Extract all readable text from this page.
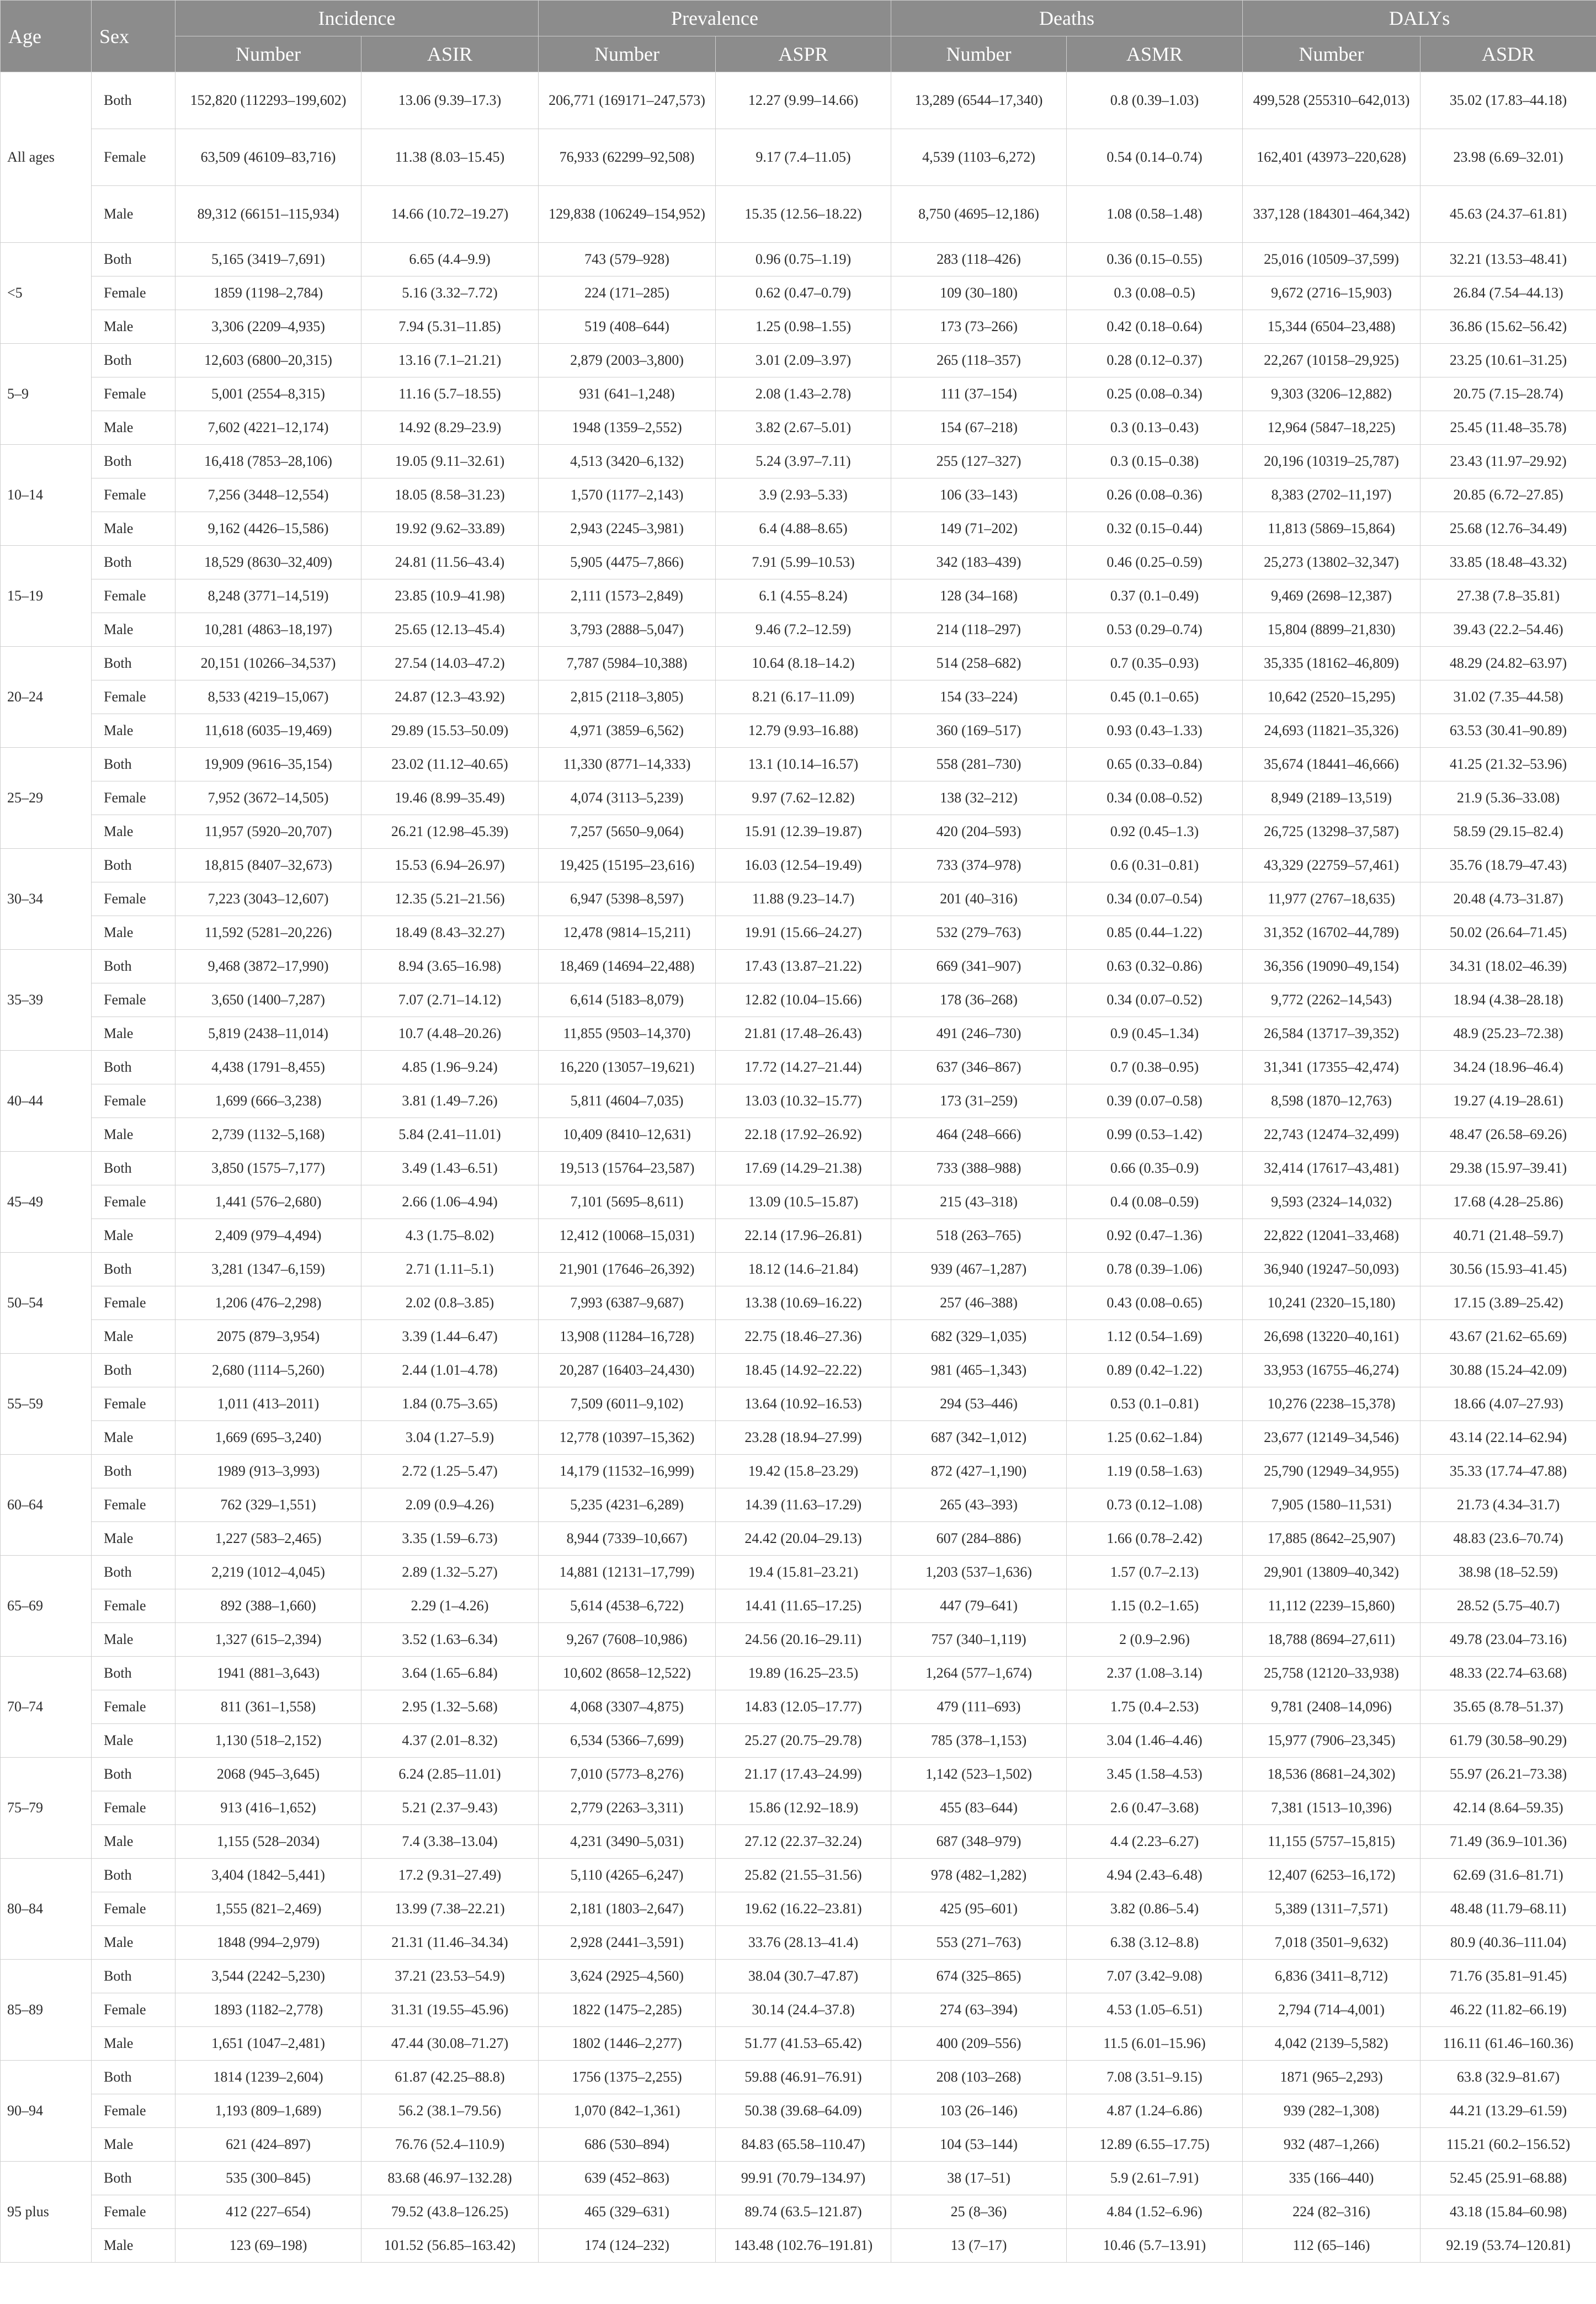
Age	Sex	Incidence		Prevalence		Deaths		DALYs	
		Number	ASIR	Number	ASPR	Number	ASMR	Number	ASDR
All ages	Both	152,820 (112293–199,602)	13.06 (9.39–17.3)	206,771 (169171–247,573)	12.27 (9.99–14.66)	13,289 (6544–17,340)	0.8 (0.39–1.03)	499,528 (255310–642,013)	35.02 (17.83–44.18)
	Female	63,509 (46109–83,716)	11.38 (8.03–15.45)	76,933 (62299–92,508)	9.17 (7.4–11.05)	4,539 (1103–6,272)	0.54 (0.14–0.74)	162,401 (43973–220,628)	23.98 (6.69–32.01)
	Male	89,312 (66151–115,934)	14.66 (10.72–19.27)	129,838 (106249–154,952)	15.35 (12.56–18.22)	8,750 (4695–12,186)	1.08 (0.58–1.48)	337,128 (184301–464,342)	45.63 (24.37–61.81)
<5	Both	5,165 (3419–7,691)	6.65 (4.4–9.9)	743 (579–928)	0.96 (0.75–1.19)	283 (118–426)	0.36 (0.15–0.55)	25,016 (10509–37,599)	32.21 (13.53–48.41)
	Female	1859 (1198–2,784)	5.16 (3.32–7.72)	224 (171–285)	0.62 (0.47–0.79)	109 (30–180)	0.3 (0.08–0.5)	9,672 (2716–15,903)	26.84 (7.54–44.13)
	Male	3,306 (2209–4,935)	7.94 (5.31–11.85)	519 (408–644)	1.25 (0.98–1.55)	173 (73–266)	0.42 (0.18–0.64)	15,344 (6504–23,488)	36.86 (15.62–56.42)
5–9	Both	12,603 (6800–20,315)	13.16 (7.1–21.21)	2,879 (2003–3,800)	3.01 (2.09–3.97)	265 (118–357)	0.28 (0.12–0.37)	22,267 (10158–29,925)	23.25 (10.61–31.25)
	Female	5,001 (2554–8,315)	11.16 (5.7–18.55)	931 (641–1,248)	2.08 (1.43–2.78)	111 (37–154)	0.25 (0.08–0.34)	9,303 (3206–12,882)	20.75 (7.15–28.74)
	Male	7,602 (4221–12,174)	14.92 (8.29–23.9)	1948 (1359–2,552)	3.82 (2.67–5.01)	154 (67–218)	0.3 (0.13–0.43)	12,964 (5847–18,225)	25.45 (11.48–35.78)
10–14	Both	16,418 (7853–28,106)	19.05 (9.11–32.61)	4,513 (3420–6,132)	5.24 (3.97–7.11)	255 (127–327)	0.3 (0.15–0.38)	20,196 (10319–25,787)	23.43 (11.97–29.92)
	Female	7,256 (3448–12,554)	18.05 (8.58–31.23)	1,570 (1177–2,143)	3.9 (2.93–5.33)	106 (33–143)	0.26 (0.08–0.36)	8,383 (2702–11,197)	20.85 (6.72–27.85)
	Male	9,162 (4426–15,586)	19.92 (9.62–33.89)	2,943 (2245–3,981)	6.4 (4.88–8.65)	149 (71–202)	0.32 (0.15–0.44)	11,813 (5869–15,864)	25.68 (12.76–34.49)
15–19	Both	18,529 (8630–32,409)	24.81 (11.56–43.4)	5,905 (4475–7,866)	7.91 (5.99–10.53)	342 (183–439)	0.46 (0.25–0.59)	25,273 (13802–32,347)	33.85 (18.48–43.32)
	Female	8,248 (3771–14,519)	23.85 (10.9–41.98)	2,111 (1573–2,849)	6.1 (4.55–8.24)	128 (34–168)	0.37 (0.1–0.49)	9,469 (2698–12,387)	27.38 (7.8–35.81)
	Male	10,281 (4863–18,197)	25.65 (12.13–45.4)	3,793 (2888–5,047)	9.46 (7.2–12.59)	214 (118–297)	0.53 (0.29–0.74)	15,804 (8899–21,830)	39.43 (22.2–54.46)
20–24	Both	20,151 (10266–34,537)	27.54 (14.03–47.2)	7,787 (5984–10,388)	10.64 (8.18–14.2)	514 (258–682)	0.7 (0.35–0.93)	35,335 (18162–46,809)	48.29 (24.82–63.97)
	Female	8,533 (4219–15,067)	24.87 (12.3–43.92)	2,815 (2118–3,805)	8.21 (6.17–11.09)	154 (33–224)	0.45 (0.1–0.65)	10,642 (2520–15,295)	31.02 (7.35–44.58)
	Male	11,618 (6035–19,469)	29.89 (15.53–50.09)	4,971 (3859–6,562)	12.79 (9.93–16.88)	360 (169–517)	0.93 (0.43–1.33)	24,693 (11821–35,326)	63.53 (30.41–90.89)
25–29	Both	19,909 (9616–35,154)	23.02 (11.12–40.65)	11,330 (8771–14,333)	13.1 (10.14–16.57)	558 (281–730)	0.65 (0.33–0.84)	35,674 (18441–46,666)	41.25 (21.32–53.96)
	Female	7,952 (3672–14,505)	19.46 (8.99–35.49)	4,074 (3113–5,239)	9.97 (7.62–12.82)	138 (32–212)	0.34 (0.08–0.52)	8,949 (2189–13,519)	21.9 (5.36–33.08)
	Male	11,957 (5920–20,707)	26.21 (12.98–45.39)	7,257 (5650–9,064)	15.91 (12.39–19.87)	420 (204–593)	0.92 (0.45–1.3)	26,725 (13298–37,587)	58.59 (29.15–82.4)
30–34	Both	18,815 (8407–32,673)	15.53 (6.94–26.97)	19,425 (15195–23,616)	16.03 (12.54–19.49)	733 (374–978)	0.6 (0.31–0.81)	43,329 (22759–57,461)	35.76 (18.79–47.43)
	Female	7,223 (3043–12,607)	12.35 (5.21–21.56)	6,947 (5398–8,597)	11.88 (9.23–14.7)	201 (40–316)	0.34 (0.07–0.54)	11,977 (2767–18,635)	20.48 (4.73–31.87)
	Male	11,592 (5281–20,226)	18.49 (8.43–32.27)	12,478 (9814–15,211)	19.91 (15.66–24.27)	532 (279–763)	0.85 (0.44–1.22)	31,352 (16702–44,789)	50.02 (26.64–71.45)
35–39	Both	9,468 (3872–17,990)	8.94 (3.65–16.98)	18,469 (14694–22,488)	17.43 (13.87–21.22)	669 (341–907)	0.63 (0.32–0.86)	36,356 (19090–49,154)	34.31 (18.02–46.39)
	Female	3,650 (1400–7,287)	7.07 (2.71–14.12)	6,614 (5183–8,079)	12.82 (10.04–15.66)	178 (36–268)	0.34 (0.07–0.52)	9,772 (2262–14,543)	18.94 (4.38–28.18)
	Male	5,819 (2438–11,014)	10.7 (4.48–20.26)	11,855 (9503–14,370)	21.81 (17.48–26.43)	491 (246–730)	0.9 (0.45–1.34)	26,584 (13717–39,352)	48.9 (25.23–72.38)
40–44	Both	4,438 (1791–8,455)	4.85 (1.96–9.24)	16,220 (13057–19,621)	17.72 (14.27–21.44)	637 (346–867)	0.7 (0.38–0.95)	31,341 (17355–42,474)	34.24 (18.96–46.4)
	Female	1,699 (666–3,238)	3.81 (1.49–7.26)	5,811 (4604–7,035)	13.03 (10.32–15.77)	173 (31–259)	0.39 (0.07–0.58)	8,598 (1870–12,763)	19.27 (4.19–28.61)
	Male	2,739 (1132–5,168)	5.84 (2.41–11.01)	10,409 (8410–12,631)	22.18 (17.92–26.92)	464 (248–666)	0.99 (0.53–1.42)	22,743 (12474–32,499)	48.47 (26.58–69.26)
45–49	Both	3,850 (1575–7,177)	3.49 (1.43–6.51)	19,513 (15764–23,587)	17.69 (14.29–21.38)	733 (388–988)	0.66 (0.35–0.9)	32,414 (17617–43,481)	29.38 (15.97–39.41)
	Female	1,441 (576–2,680)	2.66 (1.06–4.94)	7,101 (5695–8,611)	13.09 (10.5–15.87)	215 (43–318)	0.4 (0.08–0.59)	9,593 (2324–14,032)	17.68 (4.28–25.86)
	Male	2,409 (979–4,494)	4.3 (1.75–8.02)	12,412 (10068–15,031)	22.14 (17.96–26.81)	518 (263–765)	0.92 (0.47–1.36)	22,822 (12041–33,468)	40.71 (21.48–59.7)
50–54	Both	3,281 (1347–6,159)	2.71 (1.11–5.1)	21,901 (17646–26,392)	18.12 (14.6–21.84)	939 (467–1,287)	0.78 (0.39–1.06)	36,940 (19247–50,093)	30.56 (15.93–41.45)
	Female	1,206 (476–2,298)	2.02 (0.8–3.85)	7,993 (6387–9,687)	13.38 (10.69–16.22)	257 (46–388)	0.43 (0.08–0.65)	10,241 (2320–15,180)	17.15 (3.89–25.42)
	Male	2075 (879–3,954)	3.39 (1.44–6.47)	13,908 (11284–16,728)	22.75 (18.46–27.36)	682 (329–1,035)	1.12 (0.54–1.69)	26,698 (13220–40,161)	43.67 (21.62–65.69)
55–59	Both	2,680 (1114–5,260)	2.44 (1.01–4.78)	20,287 (16403–24,430)	18.45 (14.92–22.22)	981 (465–1,343)	0.89 (0.42–1.22)	33,953 (16755–46,274)	30.88 (15.24–42.09)
	Female	1,011 (413–2011)	1.84 (0.75–3.65)	7,509 (6011–9,102)	13.64 (10.92–16.53)	294 (53–446)	0.53 (0.1–0.81)	10,276 (2238–15,378)	18.66 (4.07–27.93)
	Male	1,669 (695–3,240)	3.04 (1.27–5.9)	12,778 (10397–15,362)	23.28 (18.94–27.99)	687 (342–1,012)	1.25 (0.62–1.84)	23,677 (12149–34,546)	43.14 (22.14–62.94)
60–64	Both	1989 (913–3,993)	2.72 (1.25–5.47)	14,179 (11532–16,999)	19.42 (15.8–23.29)	872 (427–1,190)	1.19 (0.58–1.63)	25,790 (12949–34,955)	35.33 (17.74–47.88)
	Female	762 (329–1,551)	2.09 (0.9–4.26)	5,235 (4231–6,289)	14.39 (11.63–17.29)	265 (43–393)	0.73 (0.12–1.08)	7,905 (1580–11,531)	21.73 (4.34–31.7)
	Male	1,227 (583–2,465)	3.35 (1.59–6.73)	8,944 (7339–10,667)	24.42 (20.04–29.13)	607 (284–886)	1.66 (0.78–2.42)	17,885 (8642–25,907)	48.83 (23.6–70.74)
65–69	Both	2,219 (1012–4,045)	2.89 (1.32–5.27)	14,881 (12131–17,799)	19.4 (15.81–23.21)	1,203 (537–1,636)	1.57 (0.7–2.13)	29,901 (13809–40,342)	38.98 (18–52.59)
	Female	892 (388–1,660)	2.29 (1–4.26)	5,614 (4538–6,722)	14.41 (11.65–17.25)	447 (79–641)	1.15 (0.2–1.65)	11,112 (2239–15,860)	28.52 (5.75–40.7)
	Male	1,327 (615–2,394)	3.52 (1.63–6.34)	9,267 (7608–10,986)	24.56 (20.16–29.11)	757 (340–1,119)	2 (0.9–2.96)	18,788 (8694–27,611)	49.78 (23.04–73.16)
70–74	Both	1941 (881–3,643)	3.64 (1.65–6.84)	10,602 (8658–12,522)	19.89 (16.25–23.5)	1,264 (577–1,674)	2.37 (1.08–3.14)	25,758 (12120–33,938)	48.33 (22.74–63.68)
	Female	811 (361–1,558)	2.95 (1.32–5.68)	4,068 (3307–4,875)	14.83 (12.05–17.77)	479 (111–693)	1.75 (0.4–2.53)	9,781 (2408–14,096)	35.65 (8.78–51.37)
	Male	1,130 (518–2,152)	4.37 (2.01–8.32)	6,534 (5366–7,699)	25.27 (20.75–29.78)	785 (378–1,153)	3.04 (1.46–4.46)	15,977 (7906–23,345)	61.79 (30.58–90.29)
75–79	Both	2068 (945–3,645)	6.24 (2.85–11.01)	7,010 (5773–8,276)	21.17 (17.43–24.99)	1,142 (523–1,502)	3.45 (1.58–4.53)	18,536 (8681–24,302)	55.97 (26.21–73.38)
	Female	913 (416–1,652)	5.21 (2.37–9.43)	2,779 (2263–3,311)	15.86 (12.92–18.9)	455 (83–644)	2.6 (0.47–3.68)	7,381 (1513–10,396)	42.14 (8.64–59.35)
	Male	1,155 (528–2034)	7.4 (3.38–13.04)	4,231 (3490–5,031)	27.12 (22.37–32.24)	687 (348–979)	4.4 (2.23–6.27)	11,155 (5757–15,815)	71.49 (36.9–101.36)
80–84	Both	3,404 (1842–5,441)	17.2 (9.31–27.49)	5,110 (4265–6,247)	25.82 (21.55–31.56)	978 (482–1,282)	4.94 (2.43–6.48)	12,407 (6253–16,172)	62.69 (31.6–81.71)
	Female	1,555 (821–2,469)	13.99 (7.38–22.21)	2,181 (1803–2,647)	19.62 (16.22–23.81)	425 (95–601)	3.82 (0.86–5.4)	5,389 (1311–7,571)	48.48 (11.79–68.11)
	Male	1848 (994–2,979)	21.31 (11.46–34.34)	2,928 (2441–3,591)	33.76 (28.13–41.4)	553 (271–763)	6.38 (3.12–8.8)	7,018 (3501–9,632)	80.9 (40.36–111.04)
85–89	Both	3,544 (2242–5,230)	37.21 (23.53–54.9)	3,624 (2925–4,560)	38.04 (30.7–47.87)	674 (325–865)	7.07 (3.42–9.08)	6,836 (3411–8,712)	71.76 (35.81–91.45)
	Female	1893 (1182–2,778)	31.31 (19.55–45.96)	1822 (1475–2,285)	30.14 (24.4–37.8)	274 (63–394)	4.53 (1.05–6.51)	2,794 (714–4,001)	46.22 (11.82–66.19)
	Male	1,651 (1047–2,481)	47.44 (30.08–71.27)	1802 (1446–2,277)	51.77 (41.53–65.42)	400 (209–556)	11.5 (6.01–15.96)	4,042 (2139–5,582)	116.11 (61.46–160.36)
90–94	Both	1814 (1239–2,604)	61.87 (42.25–88.8)	1756 (1375–2,255)	59.88 (46.91–76.91)	208 (103–268)	7.08 (3.51–9.15)	1871 (965–2,293)	63.8 (32.9–81.67)
	Female	1,193 (809–1,689)	56.2 (38.1–79.56)	1,070 (842–1,361)	50.38 (39.68–64.09)	103 (26–146)	4.87 (1.24–6.86)	939 (282–1,308)	44.21 (13.29–61.59)
	Male	621 (424–897)	76.76 (52.4–110.9)	686 (530–894)	84.83 (65.58–110.47)	104 (53–144)	12.89 (6.55–17.75)	932 (487–1,266)	115.21 (60.2–156.52)
95 plus	Both	535 (300–845)	83.68 (46.97–132.28)	639 (452–863)	99.91 (70.79–134.97)	38 (17–51)	5.9 (2.61–7.91)	335 (166–440)	52.45 (25.91–68.88)
	Female	412 (227–654)	79.52 (43.8–126.25)	465 (329–631)	89.74 (63.5–121.87)	25 (8–36)	4.84 (1.52–6.96)	224 (82–316)	43.18 (15.84–60.98)
	Male	123 (69–198)	101.52 (56.85–163.42)	174 (124–232)	143.48 (102.76–191.81)	13 (7–17)	10.46 (5.7–13.91)	112 (65–146)	92.19 (53.74–120.81)
